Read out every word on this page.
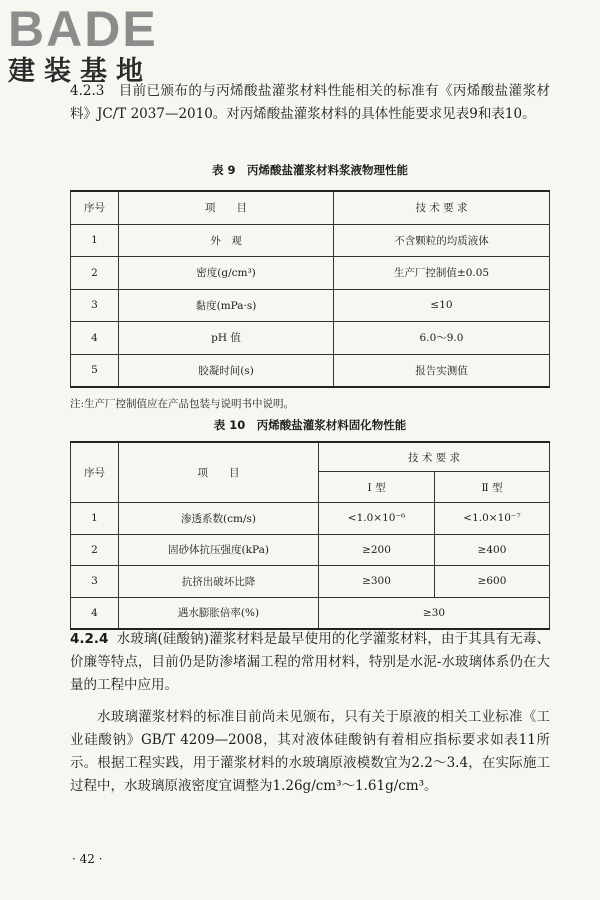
BADE
建装基地
4.2.3　目前已颁布的与丙烯酸盐灌浆材料性能相关的标准有《丙烯酸盐灌浆材料》JC/T 2037—2010。对丙烯酸盐灌浆材料的具体性能要求见表9和表10。
表 9　丙烯酸盐灌浆材料浆液物理性能
序号	项　　目	技 术 要 求
1	外　观	不含颗粒的均质液体
2	密度(g/cm³)	生产厂控制值±0.05
3	黏度(mPa·s)	≤10
4	pH 值	6.0～9.0
5	胶凝时间(s)	报告实测值
注:生产厂控制值应在产品包装与说明书中说明。
表 10　丙烯酸盐灌浆材料固化物性能
序号	项　　目	技 术 要 求	
		Ⅰ 型	Ⅱ 型
1	渗透系数(cm/s)	<1.0×10⁻⁶	<1.0×10⁻⁷
2	固砂体抗压强度(kPa)	≥200	≥400
3	抗挤出破坏比降	≥300	≥600
4	遇水膨胀倍率(%)	≥30	
4.2.4 水玻璃(硅酸钠)灌浆材料是最早使用的化学灌浆材料，由于其具有无毒、价廉等特点，目前仍是防渗堵漏工程的常用材料，特别是水泥-水玻璃体系仍在大量的工程中应用。
水玻璃灌浆材料的标准目前尚未见颁布，只有关于原液的相关工业标准《工业硅酸钠》GB/T 4209—2008，其对液体硅酸钠有着相应指标要求如表11所示。根据工程实践，用于灌浆材料的水玻璃原液模数宜为2.2～3.4，在实际施工过程中，水玻璃原液密度宜调整为1.26g/cm³～1.61g/cm³。
· 42 ·
